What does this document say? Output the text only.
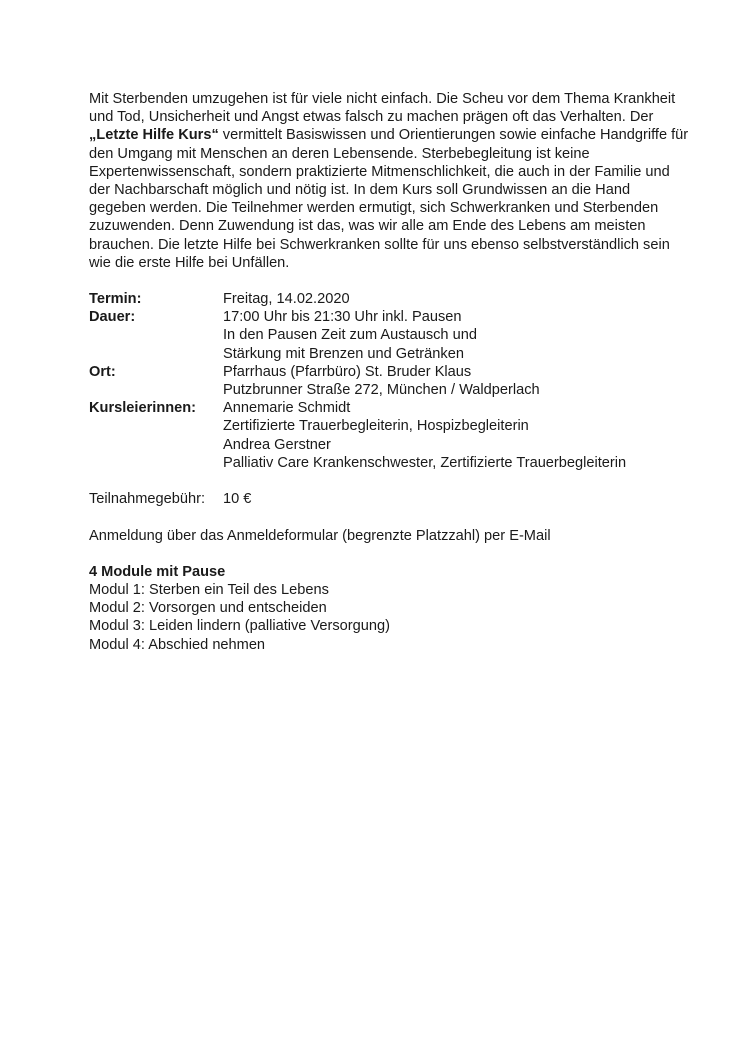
Mit Sterbenden umzugehen ist für viele nicht einfach. Die Scheu vor dem Thema Krankheit
und Tod, Unsicherheit und Angst etwas falsch zu machen prägen oft das Verhalten. Der
„Letzte Hilfe Kurs“ vermittelt Basiswissen und Orientierungen sowie einfache Handgriffe für
den Umgang mit Menschen an deren Lebensende. Sterbebegleitung ist keine
Expertenwissenschaft, sondern praktizierte Mitmenschlichkeit, die auch in der Familie und
der Nachbarschaft möglich und nötig ist. In dem Kurs soll Grundwissen an die Hand
gegeben werden. Die Teilnehmer werden ermutigt, sich Schwerkranken und Sterbenden
zuzuwenden. Denn Zuwendung ist das, was wir alle am Ende des Lebens am meisten
brauchen. Die letzte Hilfe bei Schwerkranken sollte für uns ebenso selbstverständlich sein
wie die erste Hilfe bei Unfällen.
Termin:	Freitag, 14.02.2020
Dauer:	17:00 Uhr bis 21:30 Uhr inkl. Pausen
In den Pausen Zeit zum Austausch und
Stärkung mit Brenzen und Getränken
Ort:	Pfarrhaus (Pfarrbüro) St. Bruder Klaus
Putzbrunner Straße 272, München / Waldperlach
Kursleierinnen:	Annemarie Schmidt
Zertifizierte Trauerbegleiterin, Hospizbegleiterin
Andrea Gerstner
Palliativ Care Krankenschwester, Zertifizierte Trauerbegleiterin
Teilnahmegebühr:	10 €
Anmeldung über das Anmeldeformular (begrenzte Platzzahl) per E-Mail
4 Module mit Pause
Modul 1: Sterben ein Teil des Lebens
Modul 2: Vorsorgen und entscheiden
Modul 3: Leiden lindern (palliative Versorgung)
Modul 4: Abschied nehmen
